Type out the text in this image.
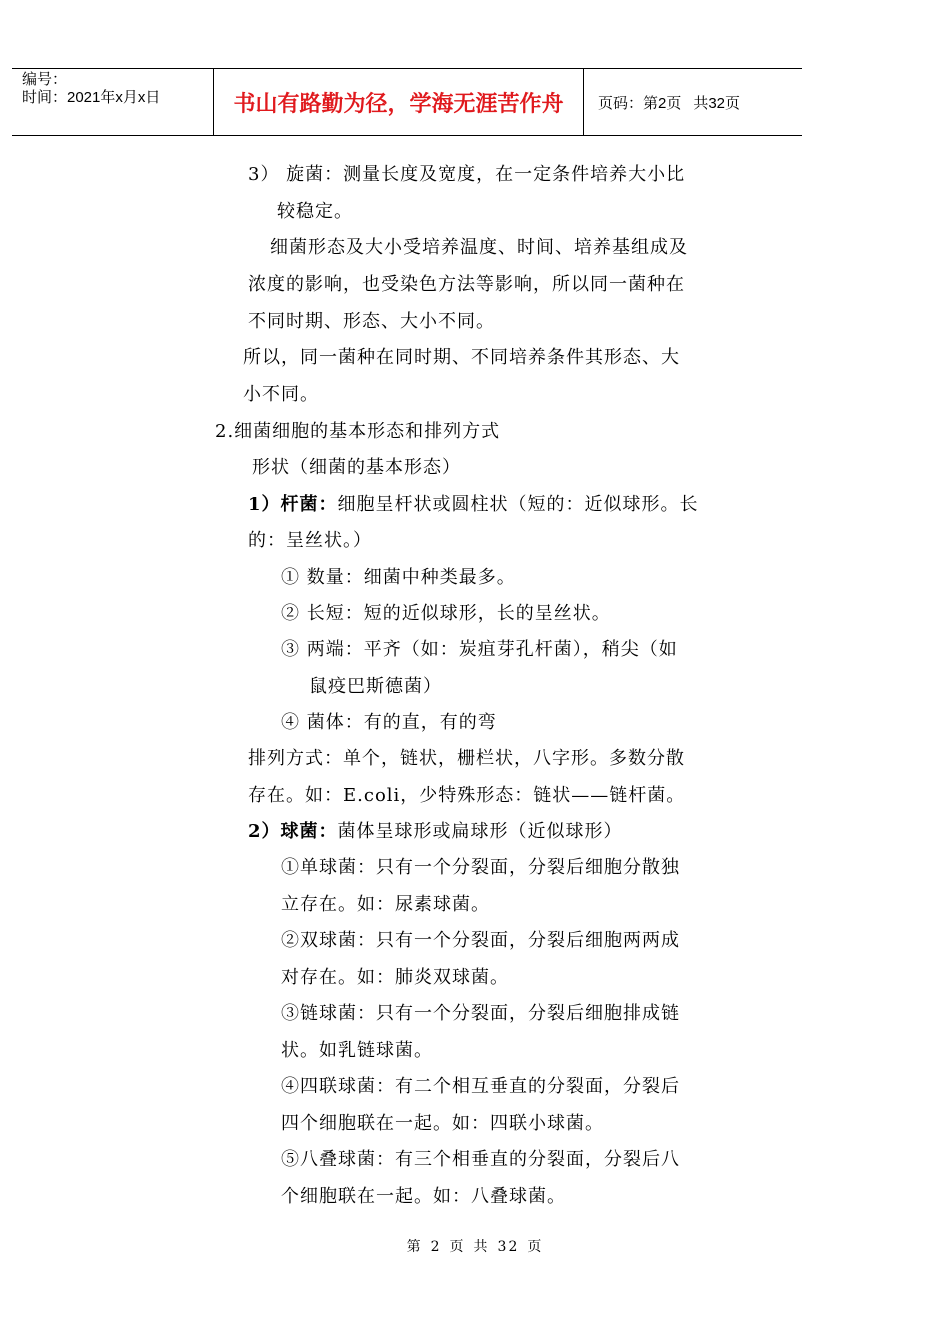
编号：
时间：2021年x月x日	书山有路勤为径，学海无涯苦作舟	页码：第2页 共32页
3） 旋菌：测量长度及宽度，在一定条件培养大小比
较稳定。
细菌形态及大小受培养温度、时间、培养基组成及
浓度的影响，也受染色方法等影响，所以同一菌种在
不同时期、形态、大小不同。
所以，同一菌种在同时期、不同培养条件其形态、大
小不同。
2.细菌细胞的基本形态和排列方式
形状（细菌的基本形态）
1）杆菌：细胞呈杆状或圆柱状（短的：近似球形。长
的：呈丝状。）
① 数量：细菌中种类最多。
② 长短：短的近似球形，长的呈丝状。
③ 两端：平齐（如：炭疽芽孔杆菌），稍尖（如
鼠疫巴斯德菌）
④ 菌体：有的直，有的弯
排列方式：单个，链状，栅栏状，八字形。多数分散
存在。如：E.coli，少特殊形态：链状——链杆菌。
2）球菌：菌体呈球形或扁球形（近似球形）
①单球菌：只有一个分裂面，分裂后细胞分散独
立存在。如：尿素球菌。
②双球菌：只有一个分裂面，分裂后细胞两两成
对存在。如：肺炎双球菌。
③链球菌：只有一个分裂面，分裂后细胞排成链
状。如乳链球菌。
④四联球菌：有二个相互垂直的分裂面，分裂后
四个细胞联在一起。如：四联小球菌。
⑤八叠球菌：有三个相垂直的分裂面，分裂后八
个细胞联在一起。如：八叠球菌。
第 2 页 共 32 页
